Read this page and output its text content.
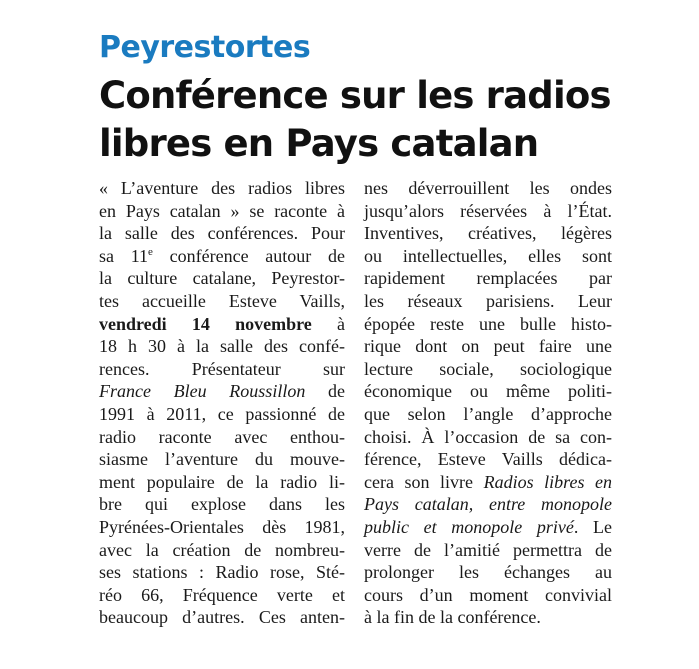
Peyrestortes
Conférence sur les radios
libres en Pays catalan
« L’aventure des radios libres
en Pays catalan » se raconte à
la salle des conférences. Pour
sa 11e conférence autour de
la culture catalane, Peyrestor-
tes accueille Esteve Vaills,
vendredi 14 novembre à
18 h 30 à la salle des confé-
rences. Présentateur sur
France Bleu Roussillon de
1991 à 2011, ce passionné de
radio raconte avec enthou-
siasme l’aventure du mouve-
ment populaire de la radio li-
bre qui explose dans les
Pyrénées-Orientales dès 1981,
avec la création de nombreu-
ses stations : Radio rose, Sté-
réo 66, Fréquence verte et
beaucoup d’autres. Ces anten-
nes déverrouillent les ondes
jusqu’alors réservées à l’État.
Inventives, créatives, légères
ou intellectuelles, elles sont
rapidement remplacées par
les réseaux parisiens. Leur
épopée reste une bulle histo-
rique dont on peut faire une
lecture sociale, sociologique
économique ou même politi-
que selon l’angle d’approche
choisi. À l’occasion de sa con-
férence, Esteve Vaills dédica-
cera son livre Radios libres en
Pays catalan, entre monopole
public et monopole privé. Le
verre de l’amitié permettra de
prolonger les échanges au
cours d’un moment convivial
à la fin de la conférence.
